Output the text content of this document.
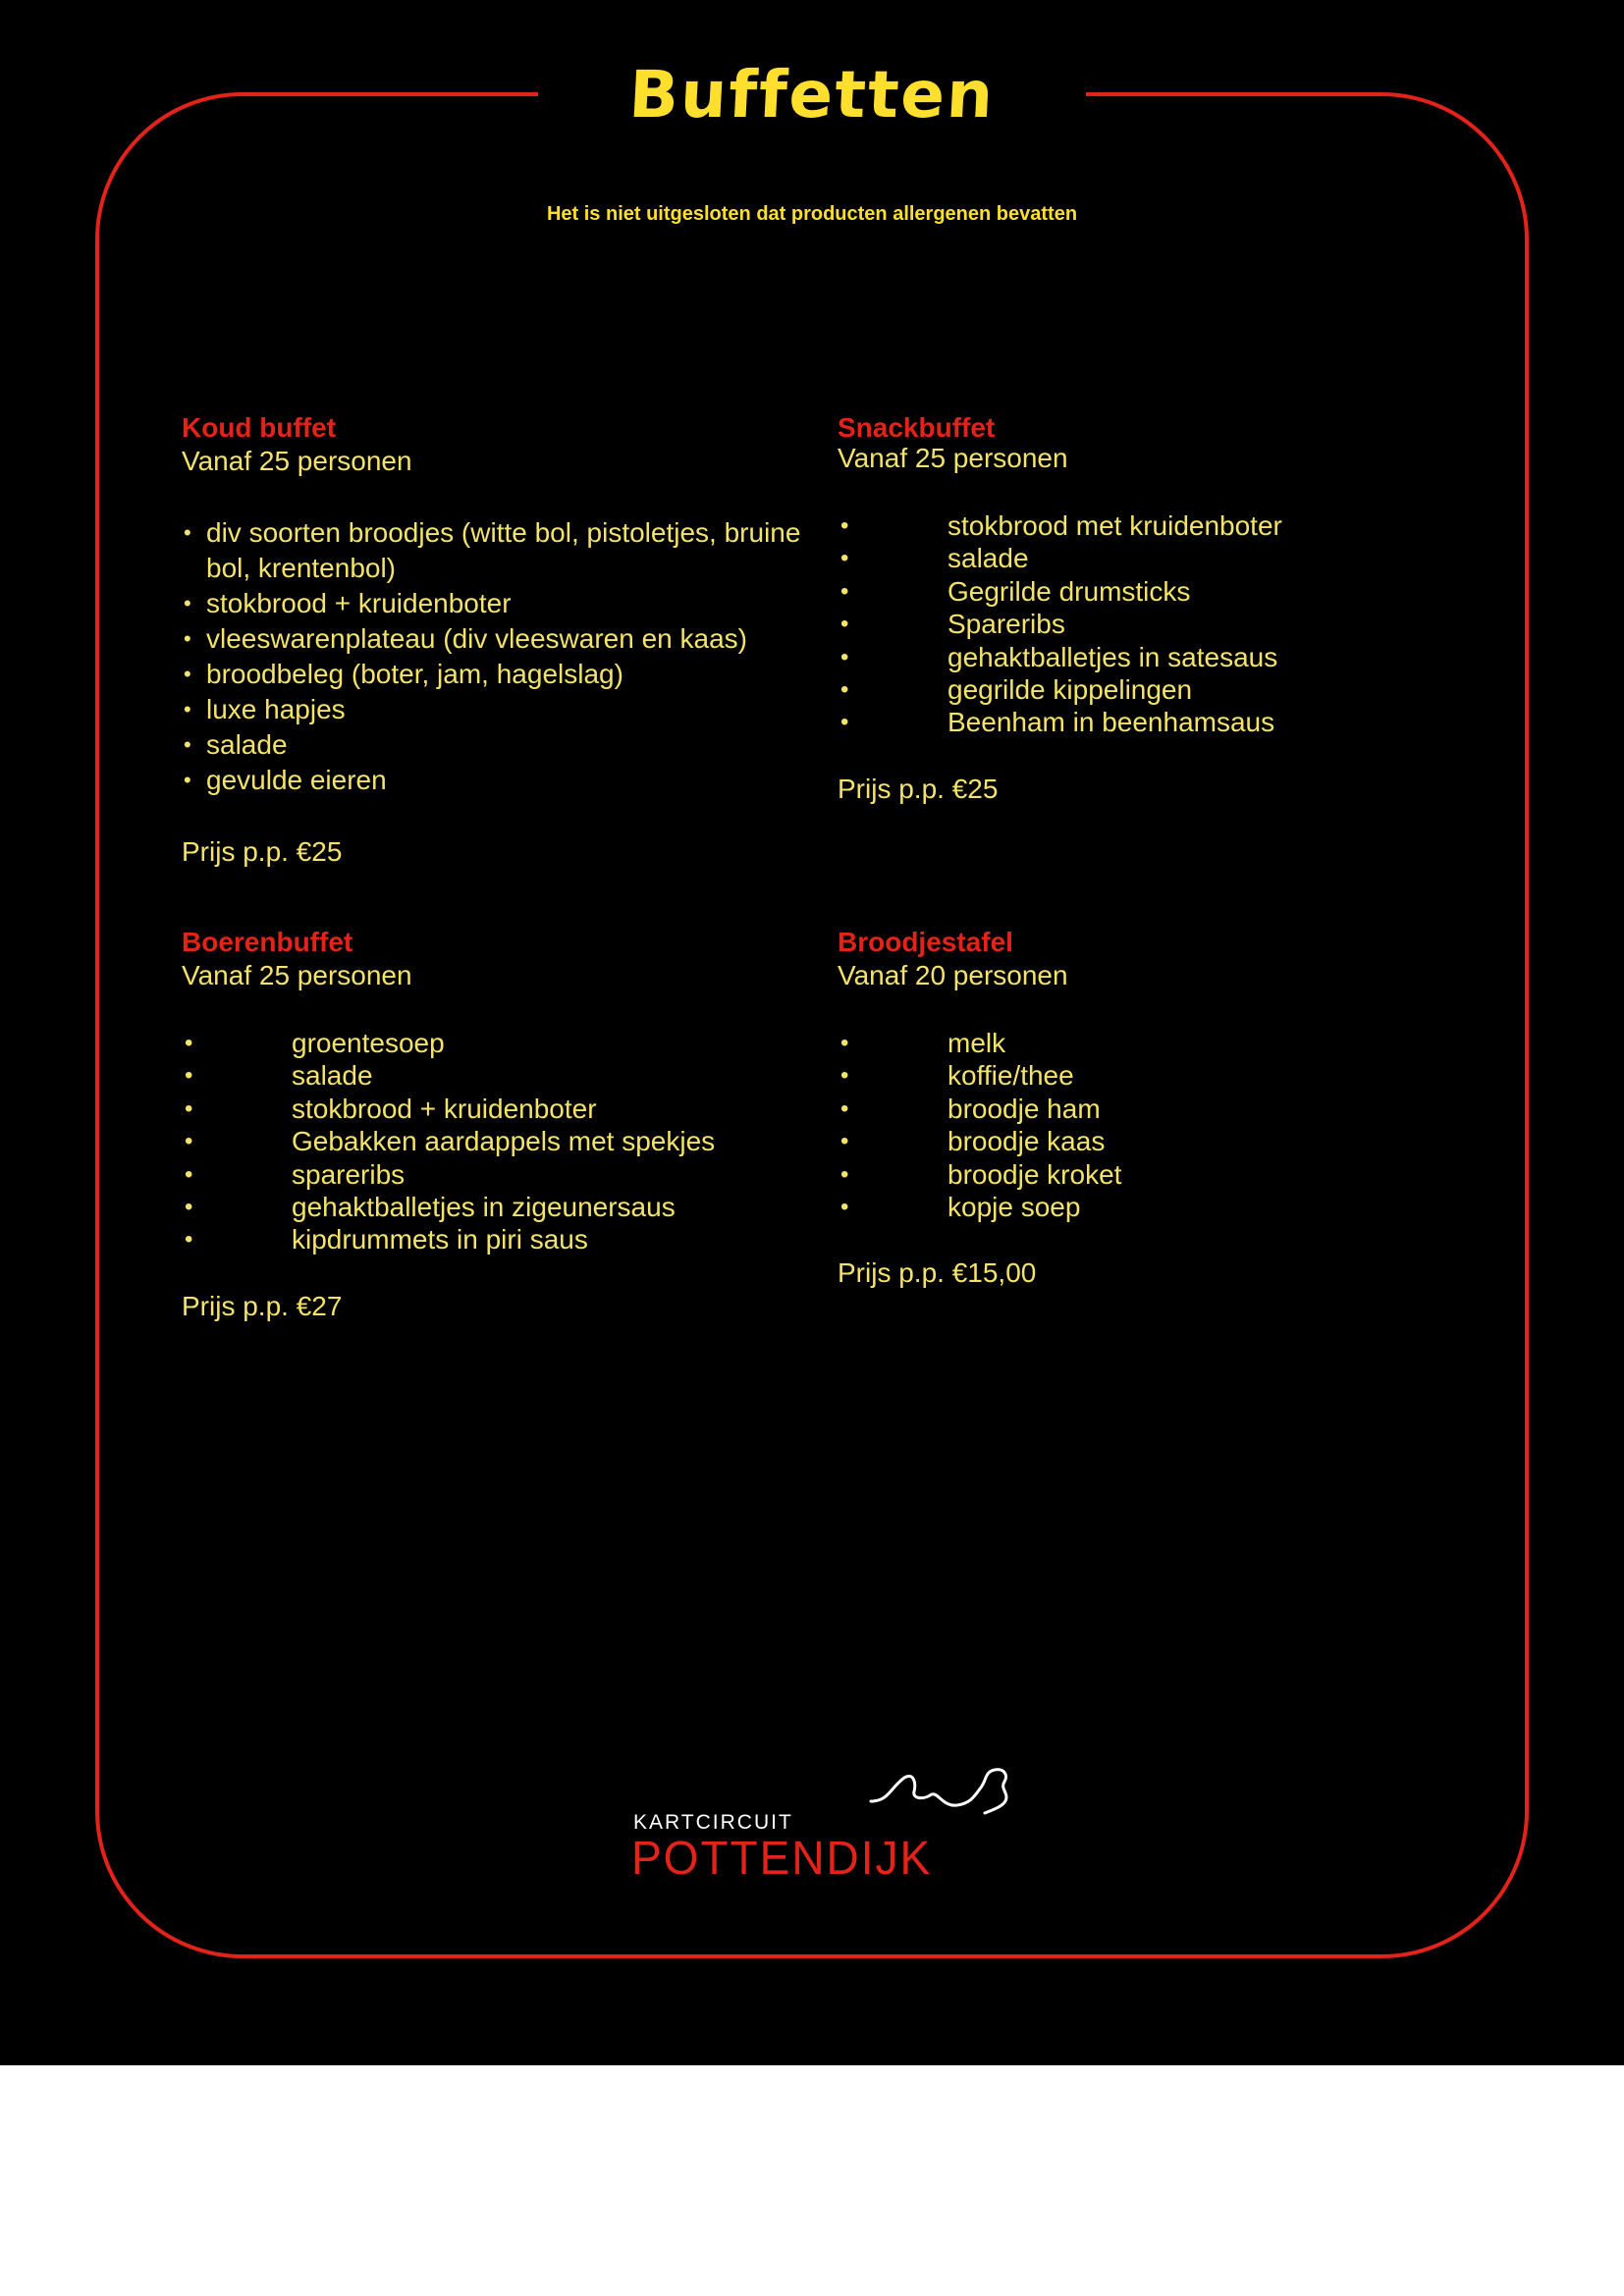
Buffetten

Het is niet uitgesloten dat producten allergenen bevatten

Koud buffet

Vanaf 25 personen

• div soorten broodjes (witte bol, pistoletjes, bruine bol, krentenbol)
• stokbrood + kruidenboter
• vleeswarenplateau (div vleeswaren en kaas)
• broodbeleg (boter, jam, hagelslag)
• luxe hapjes
• salade
• gevulde eieren

Prijs p.p. €25

Snackbuffet

Vanaf 25 personen

•	stokbrood met kruidenboter
•	salade
•	Gegrilde drumsticks
•	Spareribs
•	gehaktballetjes in satesaus
•	gegrilde kippelingen
•	Beenham in beenhamsaus

Prijs p.p. €25

Boerenbuffet

Vanaf 25 personen

•	groentesoep
•	salade
•	stokbrood + kruidenboter
•	Gebakken aardappels met spekjes
•	spareribs
•	gehaktballetjes in zigeunersaus
•	kipdrummets in piri saus

Prijs p.p. €27

Broodjestafel

Vanaf 20 personen

•	melk
•	koffie/thee
•	broodje ham
•	broodje kaas
•	broodje kroket
•	kopje soep

Prijs p.p. €15,00

KARTCIRCUIT
POTTENDIJK
